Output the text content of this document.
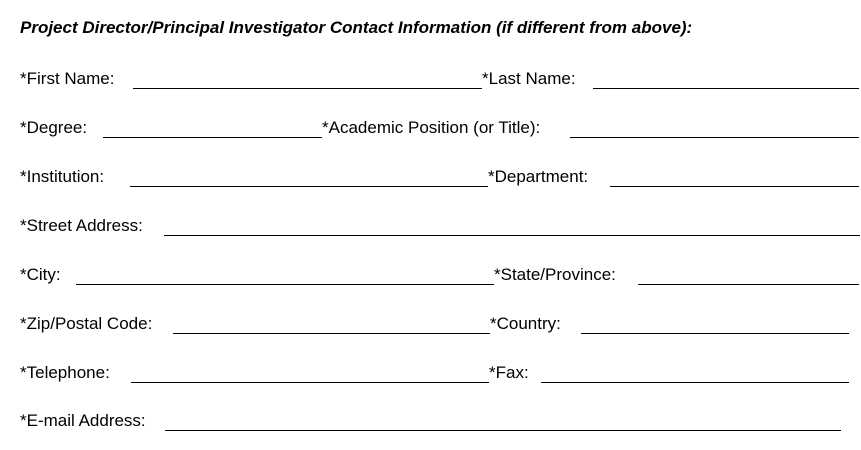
Project Director/Principal Investigator Contact Information (if different from above):
*First Name:	*Last Name:
*Degree:	*Academic Position (or Title):
*Institution:	*Department:
*Street Address:
*City:	*State/Province:
*Zip/Postal Code:	*Country:
*Telephone:	*Fax:
*E-mail Address:
